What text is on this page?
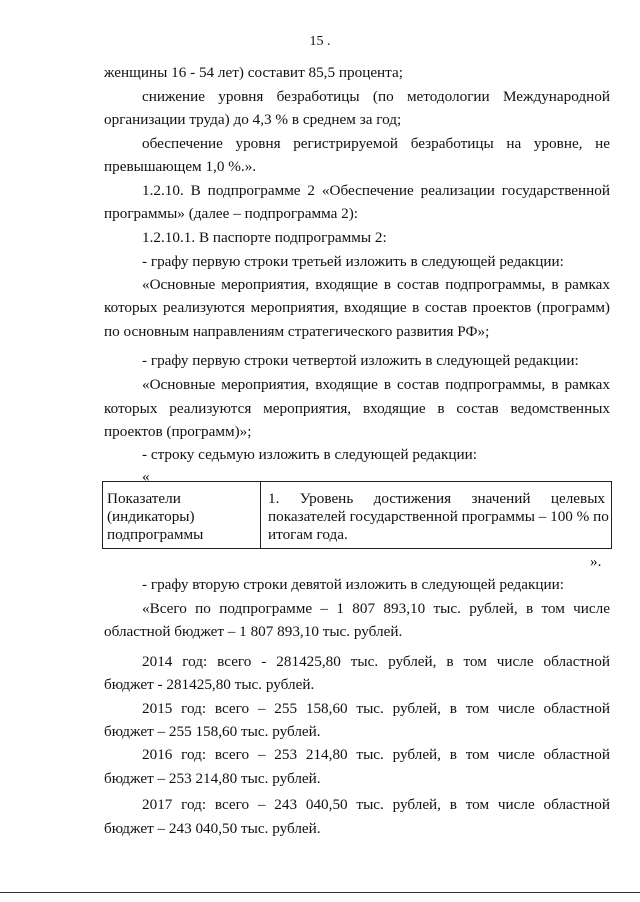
15 .
женщины 16 - 54 лет) составит 85,5 процента;
снижение уровня безработицы (по методологии Международной
организации труда) до 4,3 % в среднем за год;
обеспечение уровня регистрируемой безработицы на уровне, не
превышающем 1,0 %.».
1.2.10. В подпрограмме 2 «Обеспечение реализации государственной
программы» (далее – подпрограмма 2):
1.2.10.1. В паспорте подпрограммы 2:
- графу первую строки третьей изложить в следующей редакции:
«Основные мероприятия, входящие в состав подпрограммы, в рамках
которых реализуются мероприятия, входящие в состав проектов (программ)
по основным направлениям стратегического развития РФ»;
- графу первую строки четвертой изложить в следующей редакции:
«Основные мероприятия, входящие в состав подпрограммы, в рамках
которых реализуются мероприятия, входящие в состав ведомственных
проектов (программ)»;
- строку седьмую изложить в следующей редакции:
«
Показатели
(индикаторы)
подпрограммы
1. Уровень достижения значений целевых
показателей государственной программы – 100 % по
итогам года.
».
- графу вторую строки девятой изложить в следующей редакции:
«Всего по подпрограмме – 1 807 893,10 тыс. рублей, в том числе
областной бюджет – 1 807 893,10 тыс. рублей.
2014 год: всего - 281425,80 тыс. рублей, в том числе областной
бюджет - 281425,80 тыс. рублей.
2015 год: всего – 255 158,60 тыс. рублей, в том числе областной
бюджет – 255 158,60 тыс. рублей.
2016 год: всего – 253 214,80 тыс. рублей, в том числе областной
бюджет – 253 214,80 тыс. рублей.
2017 год: всего – 243 040,50 тыс. рублей, в том числе областной
бюджет – 243 040,50 тыс. рублей.
